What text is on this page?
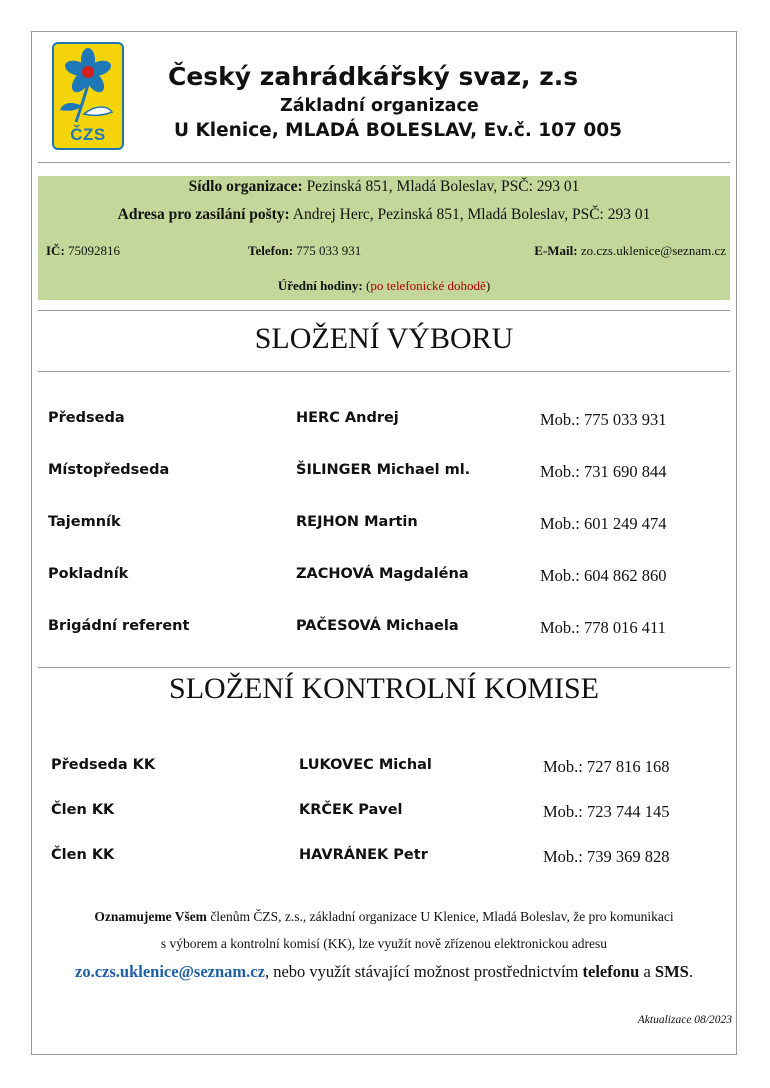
ČZS
Český zahrádkářský svaz, z.s
Základní organizace
U Klenice, MLADÁ BOLESLAV, Ev.č. 107 005
Sídlo organizace: Pezinská 851, Mladá Boleslav, PSČ: 293 01
Adresa pro zasílání pošty: Andrej Herc, Pezinská 851, Mladá Boleslav, PSČ: 293 01
IČ: 75092816	Telefon: 775 033 931	E-Mail: zo.czs.uklenice@seznam.cz
Úřední hodiny: (po telefonické dohodě)
SLOŽENÍ VÝBORU
Předseda	HERC Andrej	Mob.: 775 033 931
Místopředseda	ŠILINGER Michael ml.	Mob.: 731 690 844
Tajemník	REJHON Martin	Mob.: 601 249 474
Pokladník	ZACHOVÁ Magdaléna	Mob.: 604 862 860
Brigádní referent	PAČESOVÁ Michaela	Mob.: 778 016 411
SLOŽENÍ KONTROLNÍ KOMISE
Předseda KK	LUKOVEC Michal	Mob.: 727 816 168
Člen KK	KRČEK Pavel	Mob.: 723 744 145
Člen KK	HAVRÁNEK Petr	Mob.: 739 369 828
Oznamujeme Všem členům ČZS, z.s., základní organizace U Klenice, Mladá Boleslav, že pro komunikaci
s výborem a kontrolní komisí (KK), lze využít nově zřízenou elektronickou adresu
zo.czs.uklenice@seznam.cz, nebo využít stávající možnost prostřednictvím telefonu a SMS.
Aktualizace 08/2023
